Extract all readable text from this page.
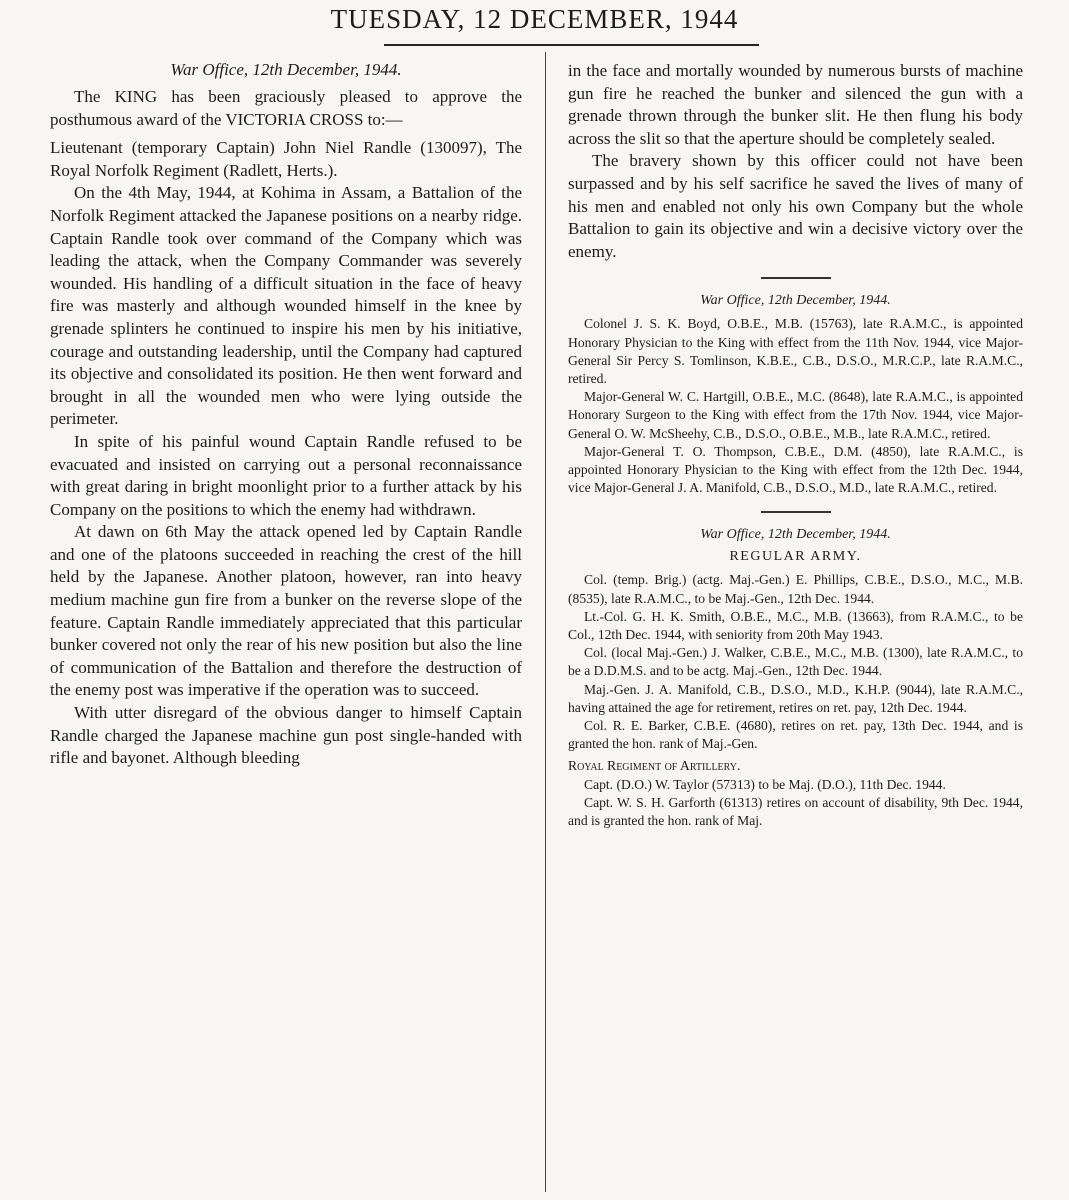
TUESDAY, 12 DECEMBER, 1944
War Office, 12th December, 1944.

The KING has been graciously pleased to approve the posthumous award of the VICTORIA CROSS to:—

Lieutenant (temporary Captain) John Niel Randle (130097), The Royal Norfolk Regiment (Radlett, Herts.).

On the 4th May, 1944, at Kohima in Assam, a Battalion of the Norfolk Regiment attacked the Japanese positions on a nearby ridge. Captain Randle took over command of the Company which was leading the attack, when the Company Commander was severely wounded. His handling of a difficult situation in the face of heavy fire was masterly and although wounded himself in the knee by grenade splinters he continued to inspire his men by his initiative, courage and outstanding leadership, until the Company had captured its objective and consolidated its position. He then went forward and brought in all the wounded men who were lying outside the perimeter.

In spite of his painful wound Captain Randle refused to be evacuated and insisted on carrying out a personal reconnaissance with great daring in bright moonlight prior to a further attack by his Company on the positions to which the enemy had withdrawn.

At dawn on 6th May the attack opened led by Captain Randle and one of the platoons succeeded in reaching the crest of the hill held by the Japanese. Another platoon, however, ran into heavy medium machine gun fire from a bunker on the reverse slope of the feature. Captain Randle immediately appreciated that this particular bunker covered not only the rear of his new position but also the line of communication of the Battalion and therefore the destruction of the enemy post was imperative if the operation was to succeed.

With utter disregard of the obvious danger to himself Captain Randle charged the Japanese machine gun post single-handed with rifle and bayonet. Although bleeding

in the face and mortally wounded by numerous bursts of machine gun fire he reached the bunker and silenced the gun with a grenade thrown through the bunker slit. He then flung his body across the slit so that the aperture should be completely sealed.

The bravery shown by this officer could not have been surpassed and by his self sacrifice he saved the lives of many of his men and enabled not only his own Company but the whole Battalion to gain its objective and win a decisive victory over the enemy.

War Office, 12th December, 1944.

Colonel J. S. K. Boyd, O.B.E., M.B. (15763), late R.A.M.C., is appointed Honorary Physician to the King with effect from the 11th Nov. 1944, vice Major-General Sir Percy S. Tomlinson, K.B.E., C.B., D.S.O., M.R.C.P., late R.A.M.C., retired.

Major-General W. C. Hartgill, O.B.E., M.C. (8648), late R.A.M.C., is appointed Honorary Surgeon to the King with effect from the 17th Nov. 1944, vice Major-General O. W. McSheehy, C.B., D.S.O., O.B.E., M.B., late R.A.M.C., retired.

Major-General T. O. Thompson, C.B.E., D.M. (4850), late R.A.M.C., is appointed Honorary Physician to the King with effect from the 12th Dec. 1944, vice Major-General J. A. Manifold, C.B., D.S.O., M.D., late R.A.M.C., retired.

War Office, 12th December, 1944.
REGULAR ARMY.

Col. (temp. Brig.) (actg. Maj.-Gen.) E. Phillips, C.B.E., D.S.O., M.C., M.B. (8535), late R.A.M.C., to be Maj.-Gen., 12th Dec. 1944.

Lt.-Col. G. H. K. Smith, O.B.E., M.C., M.B. (13663), from R.A.M.C., to be Col., 12th Dec. 1944, with seniority from 20th May 1943.

Col. (local Maj.-Gen.) J. Walker, C.B.E., M.C., M.B. (1300), late R.A.M.C., to be a D.D.M.S. and to be actg. Maj.-Gen., 12th Dec. 1944.

Maj.-Gen. J. A. Manifold, C.B., D.S.O., M.D., K.H.P. (9044), late R.A.M.C., having attained the age for retirement, retires on ret. pay, 12th Dec. 1944.

Col. R. E. Barker, C.B.E. (4680), retires on ret. pay, 13th Dec. 1944, and is granted the hon. rank of Maj.-Gen.

Royal Regiment of Artillery.

Capt. (D.O.) W. Taylor (57313) to be Maj. (D.O.), 11th Dec. 1944.

Capt. W. S. H. Garforth (61313) retires on account of disability, 9th Dec. 1944, and is granted the hon. rank of Maj.
